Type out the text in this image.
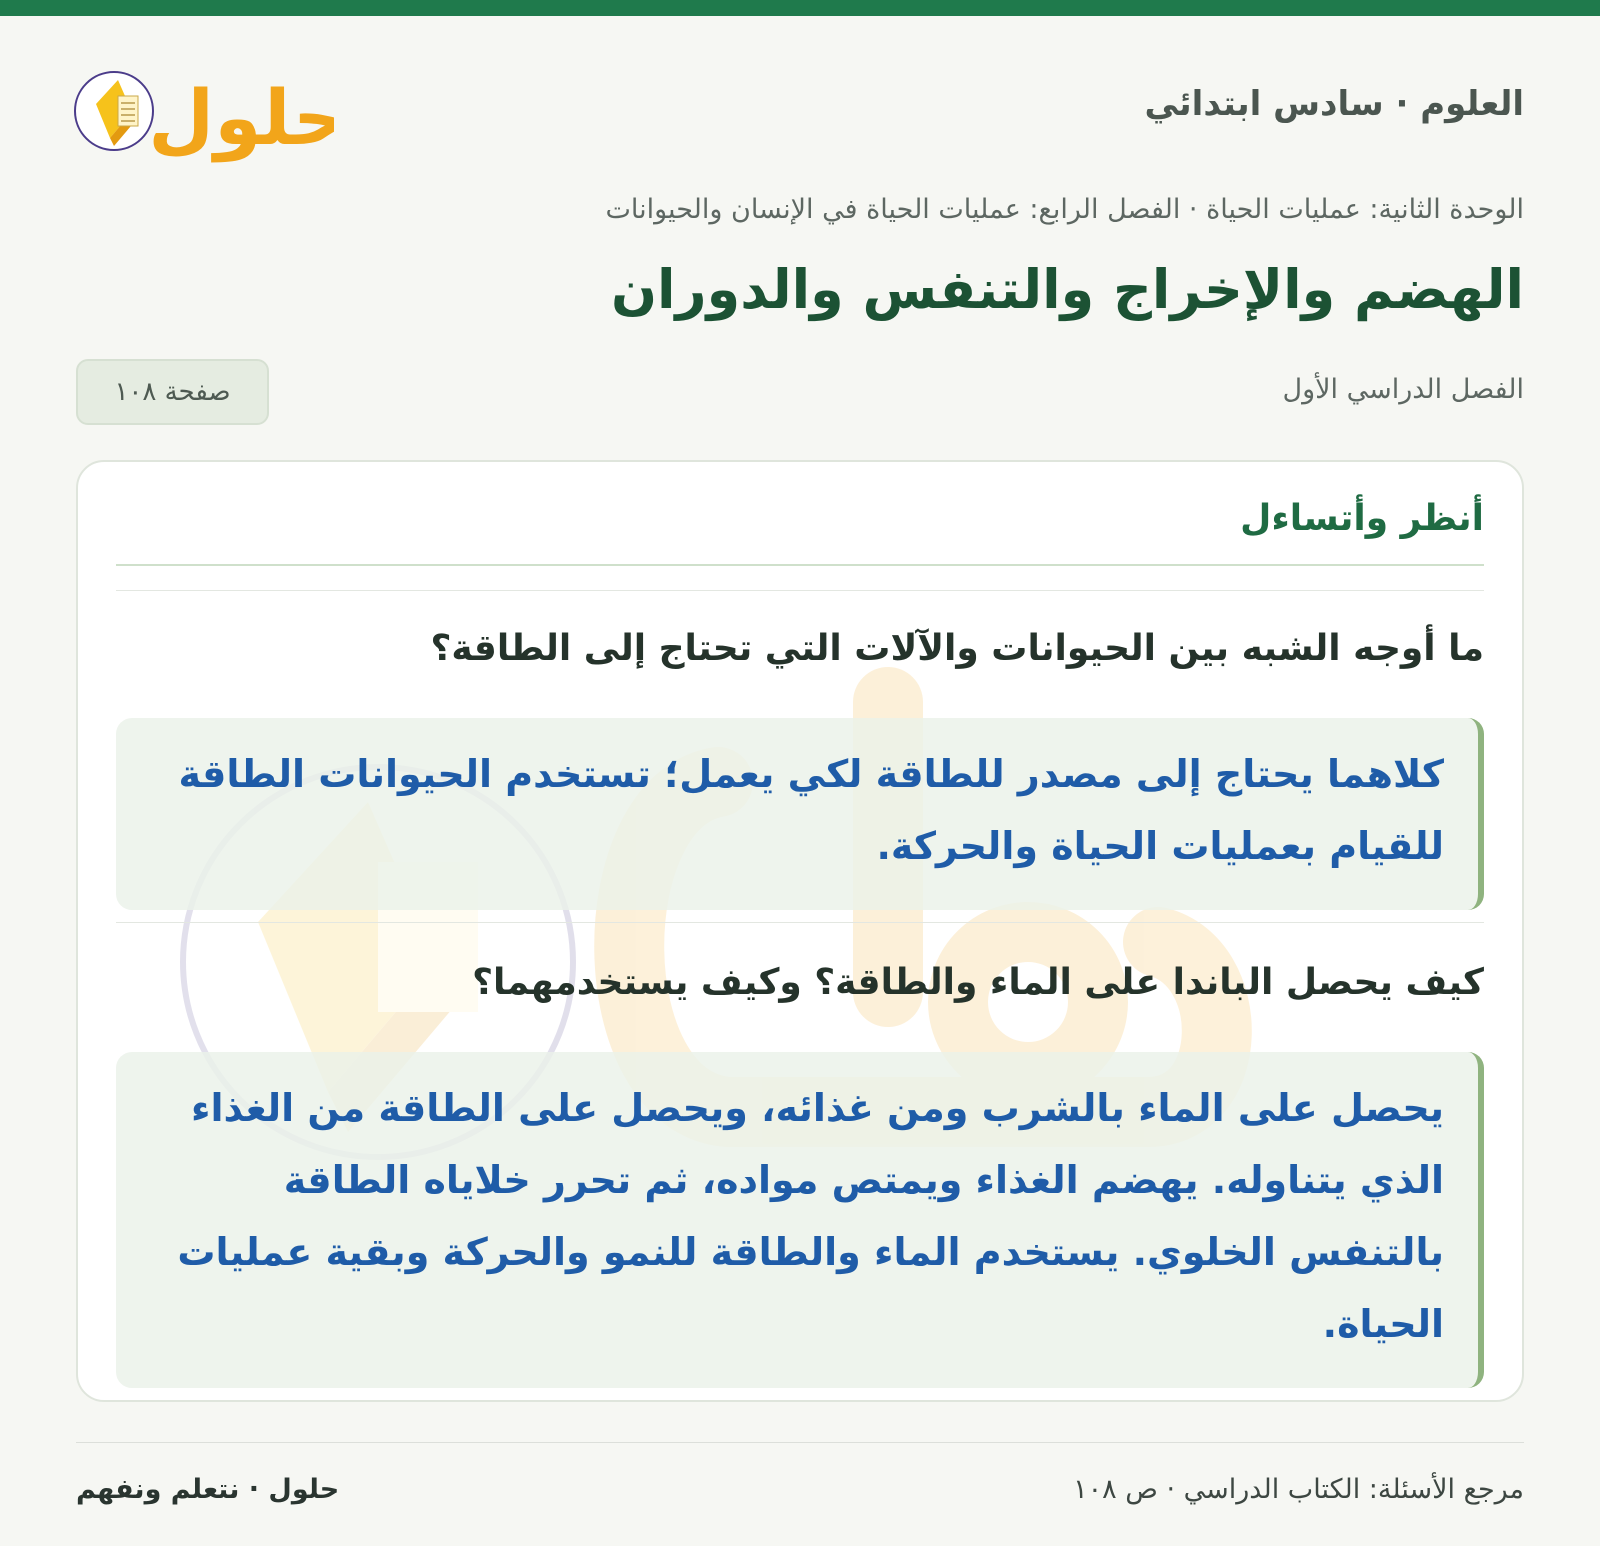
العلوم · سادس ابتدائي
حلول
الوحدة الثانية: عمليات الحياة · الفصل الرابع: عمليات الحياة في الإنسان والحيوانات
الهضم والإخراج والتنفس والدوران
الفصل الدراسي الأول
صفحة ١٠٨
أنظر وأتساءل
ما أوجه الشبه بين الحيوانات والآلات التي تحتاج إلى الطاقة؟
كلاهما يحتاج إلى مصدر للطاقة لكي يعمل؛ تستخدم الحيوانات الطاقة للقيام بعمليات الحياة والحركة.
كيف يحصل الباندا على الماء والطاقة؟ وكيف يستخدمهما؟
يحصل على الماء بالشرب ومن غذائه، ويحصل على الطاقة من الغذاء الذي يتناوله. يهضم الغذاء ويمتص مواده، ثم تحرر خلاياه الطاقة بالتنفس الخلوي. يستخدم الماء والطاقة للنمو والحركة وبقية عمليات الحياة.
حلول · نتعلم ونفهم	مرجع الأسئلة: الكتاب الدراسي · ص ١٠٨
